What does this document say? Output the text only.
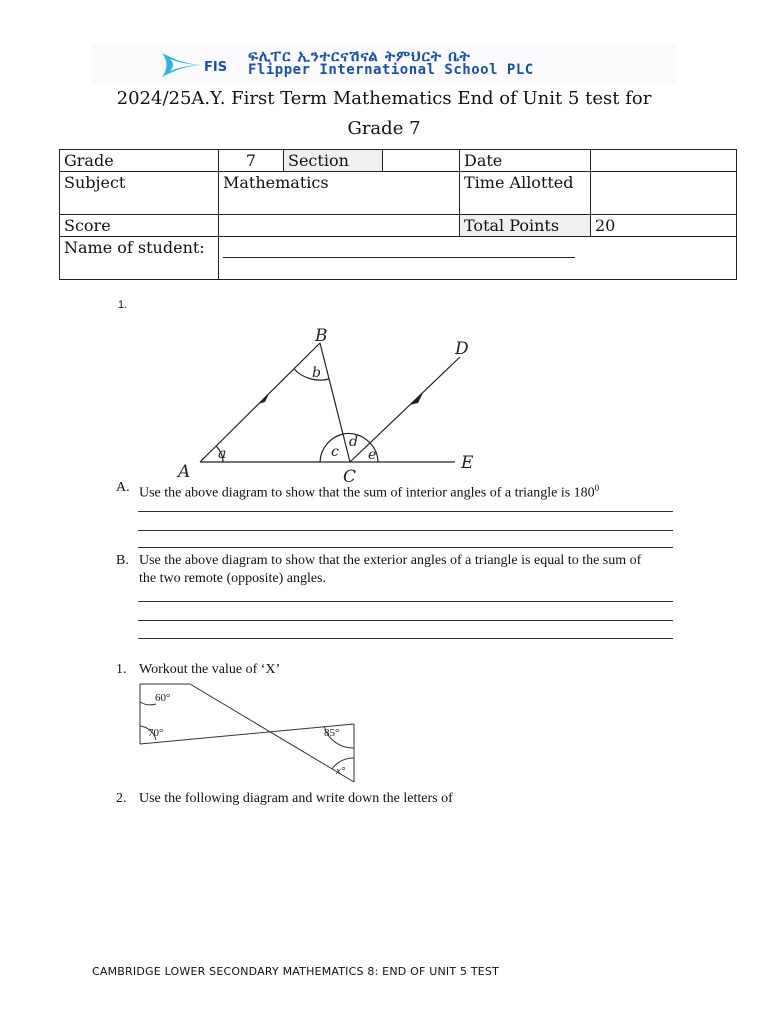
FIS
ፍሊፐር ኢንተርናሽናል ትምህርት ቤት
Flipper International School PLC
2024/25A.Y. First Term Mathematics End of Unit 5 test for
Grade 7
Grade	7	Section		Date	
Subject	Mathematics			Time Allotted	
Score				Total Points	20
Name of student:					
1.
A
B
C
D
E
a
b
c
d
e
A. Use the above diagram to show that the sum of interior angles of a triangle is $180^0$
B. Use the above diagram to show that the exterior angles of a triangle is equal to the sum of the two remote (opposite) angles.
1. Workout the value of ‘X’
60°
70°	85°
x°
2. Use the following diagram and write down the letters of
CAMBRIDGE LOWER SECONDARY MATHEMATICS 8: END OF UNIT 5 TEST
